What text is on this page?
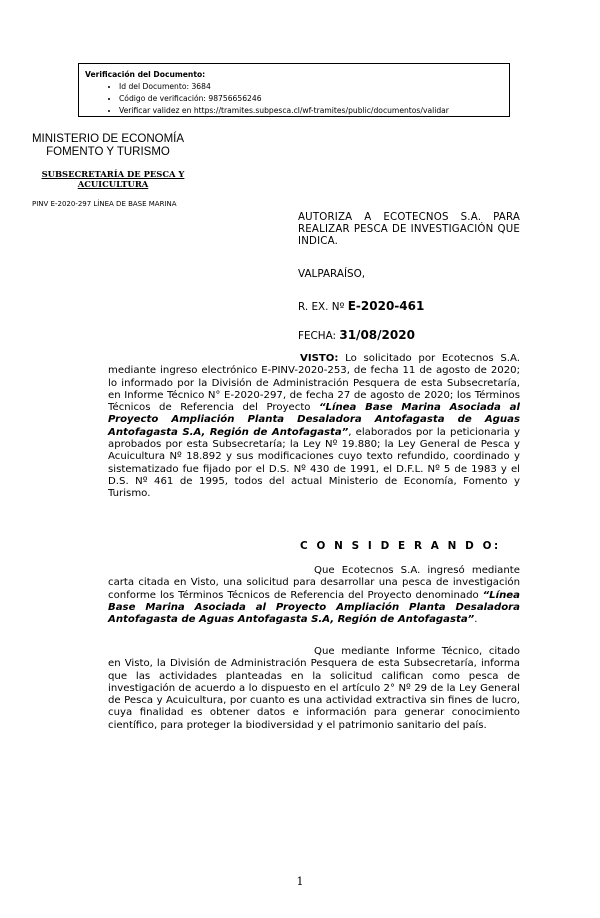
Verificación del Documento:
• Id del Documento: 3684
• Código de verificación: 98756656246
• Verificar validez en https://tramites.subpesca.cl/wf-tramites/public/documentos/validar
MINISTERIO DE ECONOMÍA
FOMENTO Y TURISMO
SUBSECRETARÍA DE PESCA Y
ACUICULTURA
PINV E-2020-297 LÍNEA DE BASE MARINA
AUTORIZA A ECOTECNOS S.A. PARA REALIZAR PESCA DE INVESTIGACIÓN QUE INDICA.
VALPARAÍSO,
R. EX. Nº E-2020-461
FECHA: 31/08/2020
VISTO: Lo solicitado por Ecotecnos S.A. mediante ingreso electrónico E-PINV-2020-253, de fecha 11 de agosto de 2020; lo informado por la División de Administración Pesquera de esta Subsecretaría, en Informe Técnico N° E-2020-297, de fecha 27 de agosto de 2020; los Términos Técnicos de Referencia del Proyecto “Línea Base Marina Asociada al Proyecto Ampliación Planta Desaladora Antofagasta de Aguas Antofagasta S.A, Región de Antofagasta”, elaborados por la peticionaria y aprobados por esta Subsecretaría; la Ley Nº 19.880; la Ley General de Pesca y Acuicultura Nº 18.892 y sus modificaciones cuyo texto refundido, coordinado y sistematizado fue fijado por el D.S. Nº 430 de 1991, el D.F.L. Nº 5 de 1983 y el D.S. Nº 461 de 1995, todos del actual Ministerio de Economía, Fomento y Turismo.
C O N S I D E R A N D O:
Que Ecotecnos S.A. ingresó mediante carta citada en Visto, una solicitud para desarrollar una pesca de investigación conforme los Términos Técnicos de Referencia del Proyecto denominado “Línea Base Marina Asociada al Proyecto Ampliación Planta Desaladora Antofagasta de Aguas Antofagasta S.A, Región de Antofagasta”.
Que mediante Informe Técnico, citado en Visto, la División de Administración Pesquera de esta Subsecretaría, informa que las actividades planteadas en la solicitud califican como pesca de investigación de acuerdo a lo dispuesto en el artículo 2° Nº 29 de la Ley General de Pesca y Acuicultura, por cuanto es una actividad extractiva sin fines de lucro, cuya finalidad es obtener datos e información para generar conocimiento científico, para proteger la biodiversidad y el patrimonio sanitario del país.
1
